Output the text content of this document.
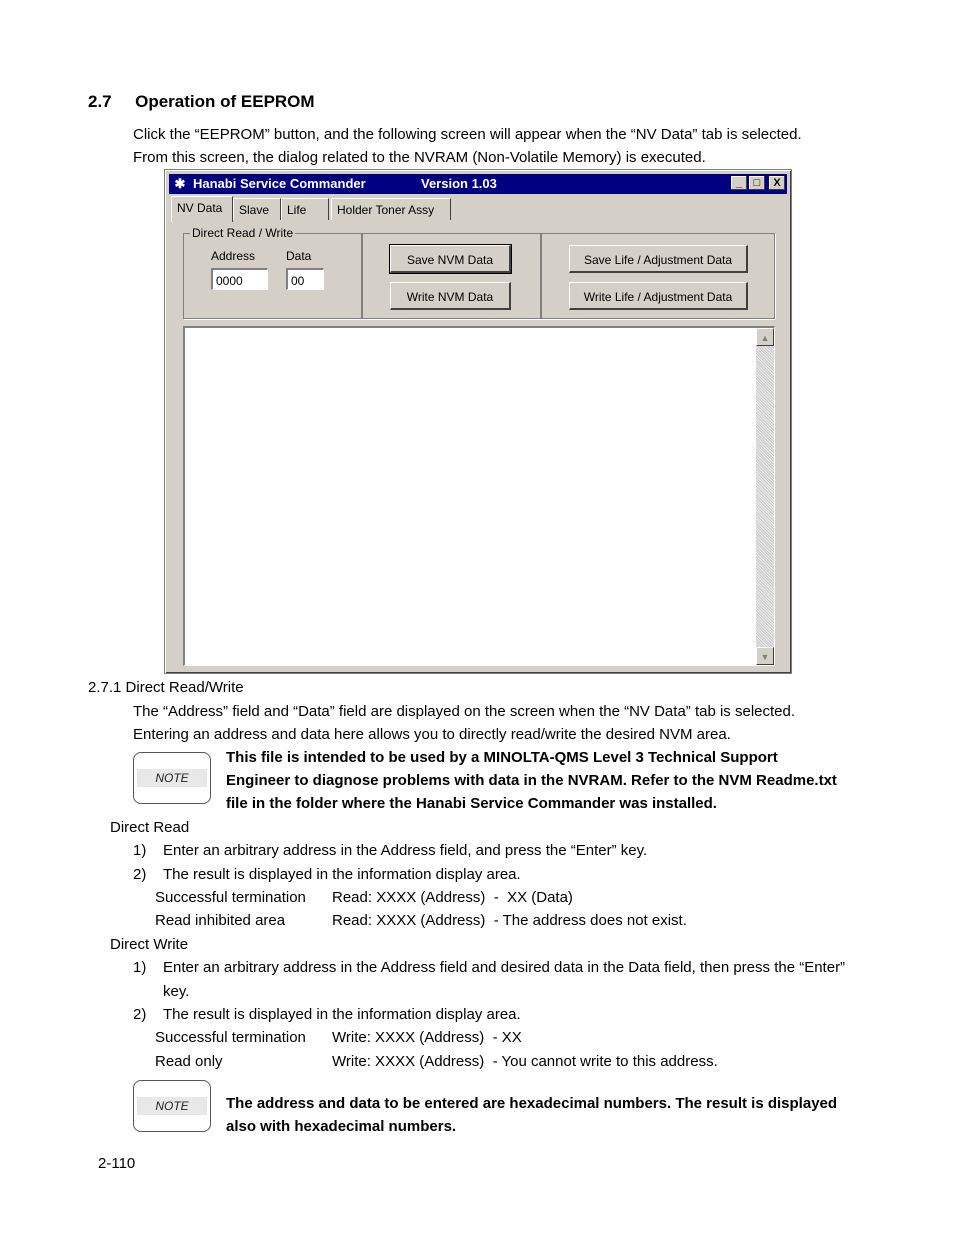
2.7 Operation of EEPROM
Click the “EEPROM” button, and the following screen will appear when the “NV Data” tab is selected.
From this screen, the dialog related to the NVRAM (Non-Volatile Memory) is executed.
✱ Hanabi Service Commander	Version 1.03	_	□	X
NV Data	Slave	Life	Holder Toner Assy
Direct Read / Write
Address	Data
0000	00
Save NVM Data
Write NVM Data
Save Life / Adjustment Data
Write Life / Adjustment Data
▲
▼
2.7.1 Direct Read/Write
The “Address” field and “Data” field are displayed on the screen when the “NV Data” tab is selected.
Entering an address and data here allows you to directly read/write the desired NVM area.
NOTE
This file is intended to be used by a MINOLTA-QMS Level 3 Technical Support
Engineer to diagnose problems with data in the NVRAM. Refer to the NVM Readme.txt
file in the folder where the Hanabi Service Commander was installed.
Direct Read
1) Enter an arbitrary address in the Address field, and press the “Enter” key.
2) The result is displayed in the information display area.
Successful termination Read: XXXX (Address)  -  XX (Data)
Read inhibited area	Read: XXXX (Address)  - The address does not exist.
Direct Write
1) Enter an arbitrary address in the Address field and desired data in the Data field, then press the “Enter”
key.
2) The result is displayed in the information display area.
Successful termination Write: XXXX (Address)  - XX
Read only	Write: XXXX (Address)  - You cannot write to this address.
NOTE	The address and data to be entered are hexadecimal numbers. The result is displayed
also with hexadecimal numbers.
2-110
